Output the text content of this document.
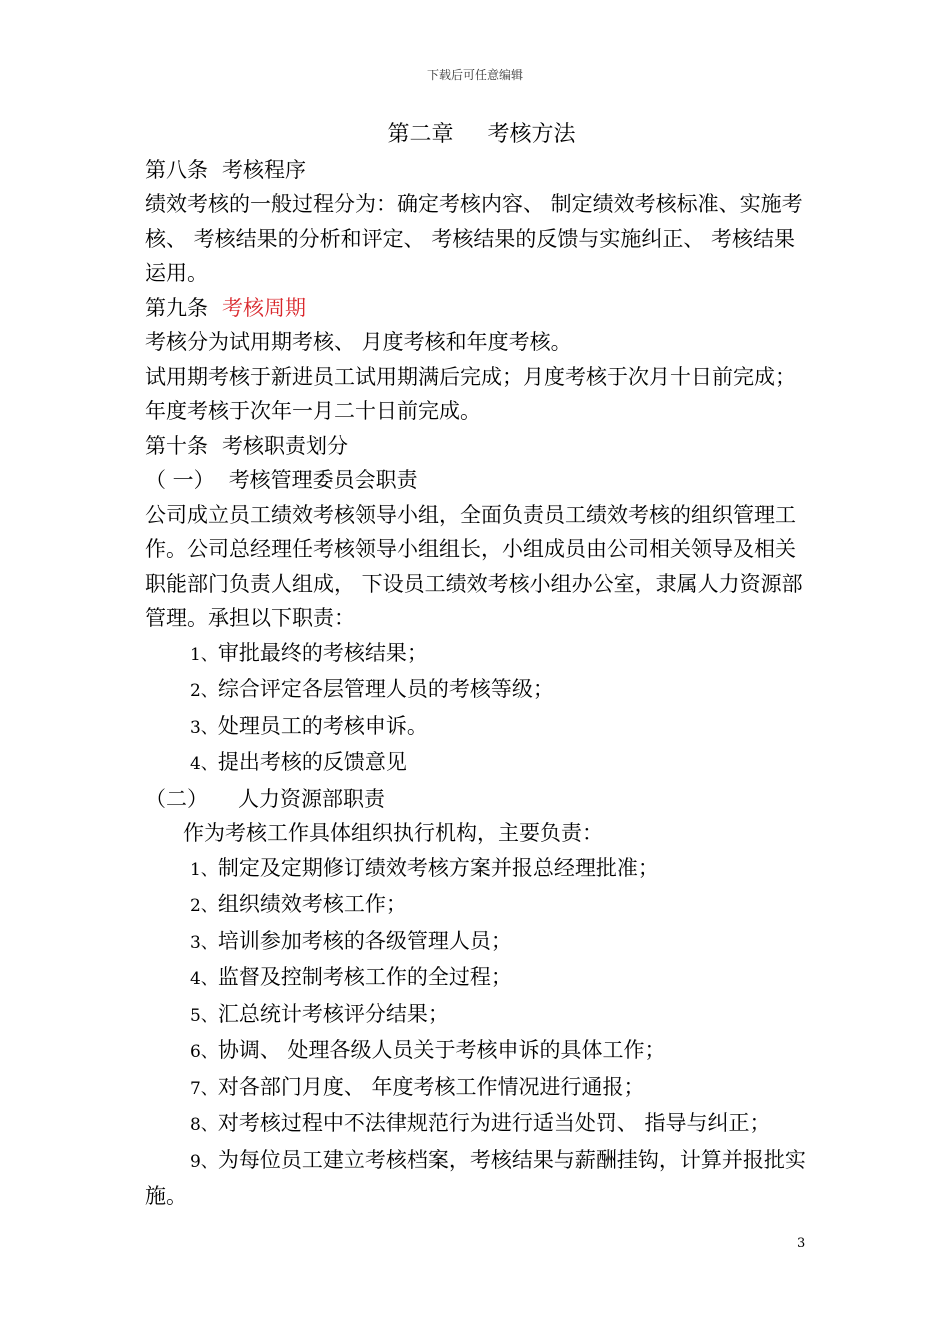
下载后可任意编辑

第二章 考核方法

第八条 考核程序

绩效考核的一般过程分为：确定考核内容、 制定绩效考核标准、实施考核、 考核结果的分析和评定、 考核结果的反馈与实施纠正、 考核结果运用。

第九条 考核周期

考核分为试用期考核、 月度考核和年度考核。

试用期考核于新进员工试用期满后完成；月度考核于次月十日前完成；年度考核于次年一月二十日前完成。

第十条 考核职责划分

（ 一） 考核管理委员会职责

公司成立员工绩效考核领导小组，全面负责员工绩效考核的组织管理工作。公司总经理任考核领导小组组长，小组成员由公司相关领导及相关职能部门负责人组成， 下设员工绩效考核小组办公室，隶属人力资源部管理。承担以下职责：

1、审批最终的考核结果；

2、综合评定各层管理人员的考核等级；

3、处理员工的考核申诉。

4、提出考核的反馈意见

（二） 人力资源部职责

作为考核工作具体组织执行机构，主要负责：

1、制定及定期修订绩效考核方案并报总经理批准；

2、组织绩效考核工作；

3、培训参加考核的各级管理人员；

4、监督及控制考核工作的全过程；

5、汇总统计考核评分结果；

6、协调、 处理各级人员关于考核申诉的具体工作；

7、对各部门月度、 年度考核工作情况进行通报；

8、对考核过程中不法律规范行为进行适当处罚、 指导与纠正；

9、为每位员工建立考核档案，考核结果与薪酬挂钩，计算并报批实施。

3
